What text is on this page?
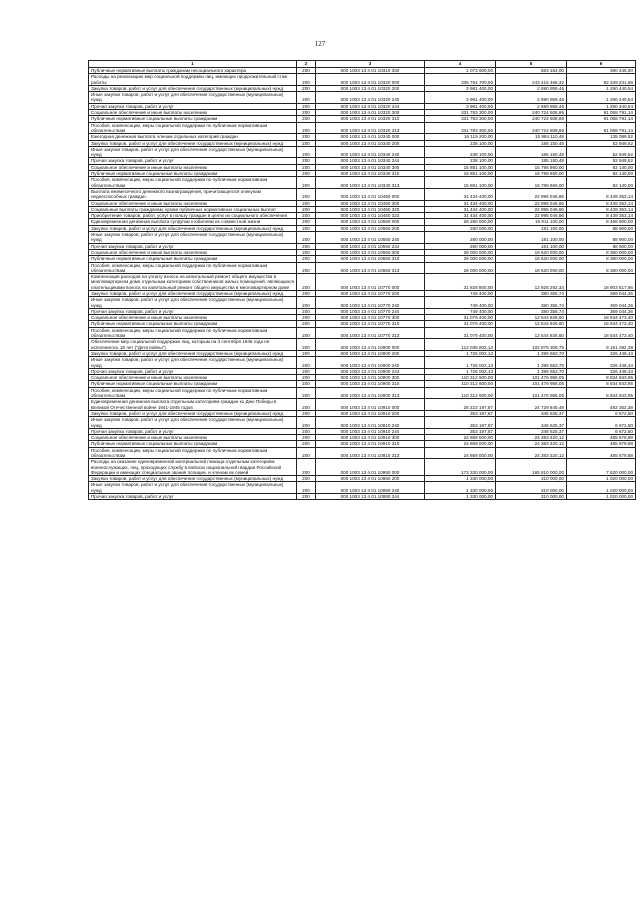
127
1	2	3	4	5	6
Публичные нормативные выплаты гражданам несоциального характера	200	000 1003 13 4 01 10310 330	1 073 600,00	683 154,00	390 446,00
Расходы на реализацию мер социальной поддержки лиц, имеющих продолжительный стаж работы	200	000 1003 13 4 01 10320 000	335 764 700,00	243 415 468,32	92 349 231,68
Закупка товаров, работ и услуг для обеспечения государственных (муниципальных) нужд	200	000 1003 13 4 01 10320 200	3 981 400,00	2 690 959,46	1 290 440,54
Иные закупки товаров, работ и услуг для обеспечения государственных (муниципальных) нужд	200	000 1003 13 4 01 10320 240	3 981 400,00	2 690 959,46	1 290 440,54
Прочая закупка товаров, работ и услуг	200	000 1003 13 4 01 10320 244	3 981 400,00	2 690 959,46	1 290 440,54
Социальное обеспечение и иные выплаты населению	200	000 1003 13 4 01 10320 300	331 783 300,00	240 724 508,86	91 058 791,14
Публичные нормативные социальные выплаты гражданам	200	000 1003 13 4 01 10320 310	331 783 300,00	240 724 508,86	91 058 791,14
Пособия, компенсации, меры социальной поддержки по публичным нормативным обязательствам	200	000 1003 13 4 01 10320 313	331 783 300,00	240 724 508,86	91 058 791,14
Ежегодная денежная выплата членам отдельных категорий граждан	200	000 1003 13 4 01 10340 000	16 119 200,00	15 984 110,48	135 089,52
Закупка товаров, работ и услуг для обеспечения государственных (муниципальных) нужд	200	000 1003 13 4 01 10340 200	238 100,00	185 150,48	52 949,52
Иные закупки товаров, работ и услуг для обеспечения государственных (муниципальных) нужд	200	000 1003 13 4 01 10340 240	238 100,00	185 150,48	52 949,52
Прочая закупка товаров, работ и услуг	200	000 1003 13 4 01 10340 244	238 100,00	185 150,48	52 949,52
Социальное обеспечение и иные выплаты населению	200	000 1003 13 4 01 10340 300	15 881 100,00	15 798 960,00	82 140,00
Публичные нормативные социальные выплаты гражданам	200	000 1003 13 4 01 10340 310	15 881 100,00	15 798 960,00	82 140,00
Пособия, компенсации, меры социальной поддержки по публичным нормативным обязательствам	200	000 1003 13 4 01 10340 313	15 881 100,00	15 798 960,00	82 140,00
Выплата ежемесячного денежного вознаграждения, причитающегося опекунам недееспособных граждан	200	000 1003 13 4 01 10450 000	31 434 400,00	22 995 046,86	8 439 353,14
Социальное обеспечение и иные выплаты населению	200	000 1003 13 4 01 10450 300	31 434 400,00	22 995 046,86	8 439 353,14
Социальные выплаты гражданам, кроме публичных нормативных социальных выплат	200	000 1003 13 4 01 10450 320	31 434 400,00	22 995 046,86	8 439 353,14
Приобретение товаров, работ, услуг в пользу граждан в целях их социального обеспечения	200	000 1003 13 4 01 10450 323	31 434 400,00	22 995 046,86	8 439 353,14
Единовременная денежная выплата супругам к юбилеям их совместной жизни	200	000 1003 13 4 01 10550 000	28 280 000,00	19 811 100,00	8 468 900,00
Закупка товаров, работ и услуг для обеспечения государственных (муниципальных) нужд	200	000 1003 13 4 01 10550 200	280 000,00	191 100,00	88 900,00
Иные закупки товаров, работ и услуг для обеспечения государственных (муниципальных) нужд	200	000 1003 13 4 01 10550 240	280 000,00	191 100,00	88 900,00
Прочая закупка товаров, работ и услуг	200	000 1003 13 4 01 10550 244	280 000,00	191 100,00	88 900,00
Социальное обеспечение и иные выплаты населению	200	000 1003 13 4 01 10550 300	28 000 000,00	19 620 000,00	8 380 000,00
Публичные нормативные социальные выплаты гражданам	200	000 1003 13 4 01 10550 310	28 000 000,00	19 620 000,00	8 380 000,00
Пособия, компенсации, меры социальной поддержки по публичным нормативным обязательствам	200	000 1003 13 4 01 10550 313	28 000 000,00	19 620 000,00	8 380 000,00
Компенсация расходов на уплату взноса на капитальный ремонт общего имущества в многоквартирном доме отдельным категориям собственников жилых помещений, являющихся плательщиками взноса на капитальный ремонт общего имущества в многоквартирном доме	200	000 1003 13 4 01 10770 000	31 828 800,00	12 925 282,34	18 903 517,66
Закупка товаров, работ и услуг для обеспечения государственных (муниципальных) нужд	200	000 1003 13 4 01 10770 200	749 400,00	380 355,74	369 044,26
Иные закупки товаров, работ и услуг для обеспечения государственных (муниципальных) нужд	200	000 1003 13 4 01 10770 240	749 400,00	380 355,74	369 044,26
Прочая закупка товаров, работ и услуг	200	000 1003 13 4 01 10770 244	749 400,00	380 355,74	369 044,26
Социальное обеспечение и иные выплаты населению	200	000 1003 13 4 01 10770 300	31 079 400,00	12 544 926,60	18 534 473,40
Публичные нормативные социальные выплаты гражданам	200	000 1003 13 4 01 10770 310	31 079 400,00	12 544 926,60	18 534 473,40
Пособия, компенсации, меры социальной поддержки по публичным нормативным обязательствам	200	000 1003 13 4 01 10770 313	31 079 400,00	12 544 926,60	18 534 473,40
Обеспечение мер социальной поддержки лиц, которым на 3 сентября 1945 года не исполнилось 18 лет ("Дети войны")	200	000 1003 13 4 01 10900 000	112 038 602,13	102 876 309,75	9 161 292,38
Закупка товаров, работ и услуг для обеспечения государственных (муниципальных) нужд	200	000 1003 13 4 01 10900 200	1 726 002,13	1 399 553,70	326 448,43
Иные закупки товаров, работ и услуг для обеспечения государственных (муниципальных) нужд	200	000 1003 13 4 01 10900 240	1 726 002,13	1 399 553,70	326 448,43
Прочая закупка товаров, работ и услуг	200	000 1003 13 4 01 10900 244	1 726 002,13	1 399 553,70	326 448,43
Социальное обеспечение и иные выплаты населению	200	000 1003 13 4 01 10900 300	110 312 600,00	101 476 956,05	8 834 843,95
Публичные нормативные социальные выплаты гражданам	200	000 1003 13 4 01 10900 310	110 312 600,00	101 476 956,05	8 834 843,95
Пособия, компенсации, меры социальной поддержки по публичным нормативным обязательствам	200	000 1003 13 4 01 10900 313	110 312 600,00	101 476 956,05	8 834 843,95
Единовременная денежная выплата отдельным категориям граждан ко Дню Победы в Великой Отечественной войне 1941-1945 годов	200	000 1003 13 4 01 10910 000	25 222 197,87	24 729 845,49	492 352,38
Закупка товаров, работ и услуг для обеспечения государственных (муниципальных) нужд	200	000 1003 13 4 01 10910 200	353 197,87	346 525,37	6 672,50
Иные закупки товаров, работ и услуг для обеспечения государственных (муниципальных) нужд	200	000 1003 13 4 01 10910 240	353 197,87	346 525,37	6 672,50
Прочая закупка товаров, работ и услуг	200	000 1003 13 4 01 10910 244	353 197,87	346 525,37	6 672,50
Социальное обеспечение и иные выплаты населению	200	000 1003 13 4 01 10910 300	24 869 000,00	24 383 320,12	485 679,88
Публичные нормативные социальные выплаты гражданам	200	000 1003 13 4 01 10910 310	24 869 000,00	24 383 320,12	485 679,88
Пособия, компенсации, меры социальной поддержки по публичным нормативным обязательствам	200	000 1003 13 4 01 10910 313	24 869 000,00	24 383 320,12	485 679,88
Расходы на оказание единовременной материальной помощи отдельным категориям военнослужащих, лиц, проходящих службу в войсках национальной гвардии Российской Федерации и имеющих специальные звания полиции, и членам их семей	200	000 1003 13 4 01 10950 000	173 330 000,00	165 810 000,00	7 520 000,00
Закупка товаров, работ и услуг для обеспечения государственных (муниципальных) нужд	200	000 1003 13 4 01 10950 200	1 330 000,00	310 000,00	1 020 000,00
Иные закупки товаров, работ и услуг для обеспечения государственных (муниципальных) нужд	200	000 1003 13 4 01 10950 240	1 330 000,00	310 000,00	1 020 000,00
Прочая закупка товаров, работ и услуг	200	000 1003 13 4 01 10950 244	1 330 000,00	310 000,00	1 020 000,00
